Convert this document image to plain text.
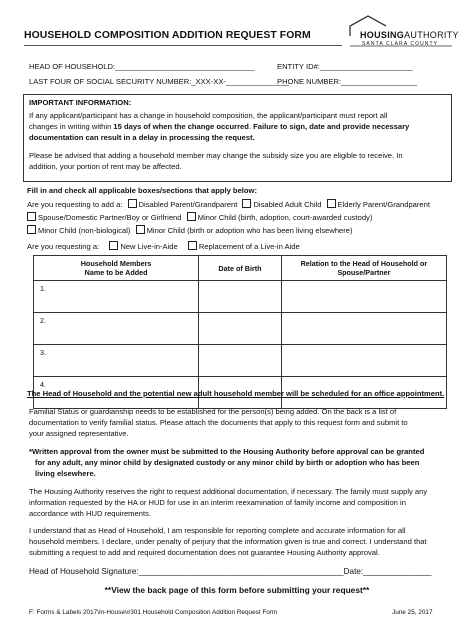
HOUSEHOLD COMPOSITION ADDITION REQUEST FORM	HOUSINGAUTHORITY
SANTA CLARA COUNTY
HEAD OF HOUSEHOLD:_________________________________	ENTITY ID#:______________________
LAST FOUR OF SOCIAL SECURITY NUMBER:_XXX-XX-_______________
PHONE NUMBER:__________________
IMPORTANT INFORMATION:
If any applicant/participant has a change in household composition, the applicant/participant must report all
changes in writing within 15 days of when the change occurred. Failure to sign, date and provide necessary
documentation can result in a delay in processing the request.
Please be advised that adding a household member may change the subsidy size you are eligible to receive. In
addition, your portion of rent may be affected.
Fill in and check all applicable boxes/sections that apply below:
Are you requesting to add a: Disabled Parent/Grandparent Disabled Adult Child Elderly Parent/Grandparent
Spouse/Domestic Partner/Boy or Girlfriend Minor Child (birth, adoption, court-awarded custody)
Minor Child (non-biological) Minor Child (birth or adoption who has been living elsewhere)
Are you requesting a:	New Live-in-Aide	Replacement of a Live-in Aide
Household Members
Name to be Added	Date of Birth	Relation to the Head of Household or
Spouse/Partner
1.		
2.		
3.		
4.		
The Head of Household and the potential new adult household member will be scheduled for an office appointment.
Familial Status or guardianship needs to be established for the person(s) being added. On the back is a list of
documentation to verify familial status. Please attach the documents that apply to this request form and submit to
your assigned representative.
*Written approval from the owner must be submitted to the Housing Authority before approval can be granted
for any adult, any minor child by designated custody or any minor child by birth or adoption who has been
living elsewhere.
The Housing Authority reserves the right to request additional documentation, if necessary. The family must supply any
information requested by the HA or HUD for use in an interim reexamination of family income and composition in
accordance with HUD requirements.
I understand that as Head of Household, I am responsible for reporting complete and accurate information for all
household members. I declare, under penalty of perjury that the information given is true and correct. I understand that
submitting a request to add and required documentation does not guarantee Housing Authority approval.
Head of Household Signature:_____________________________________________Date:_______________
**View the back page of this form before submitting your request**
F: Forms & Labels 2017\In-House\#301 Household Composition Addition Request Form	June 25, 2017
